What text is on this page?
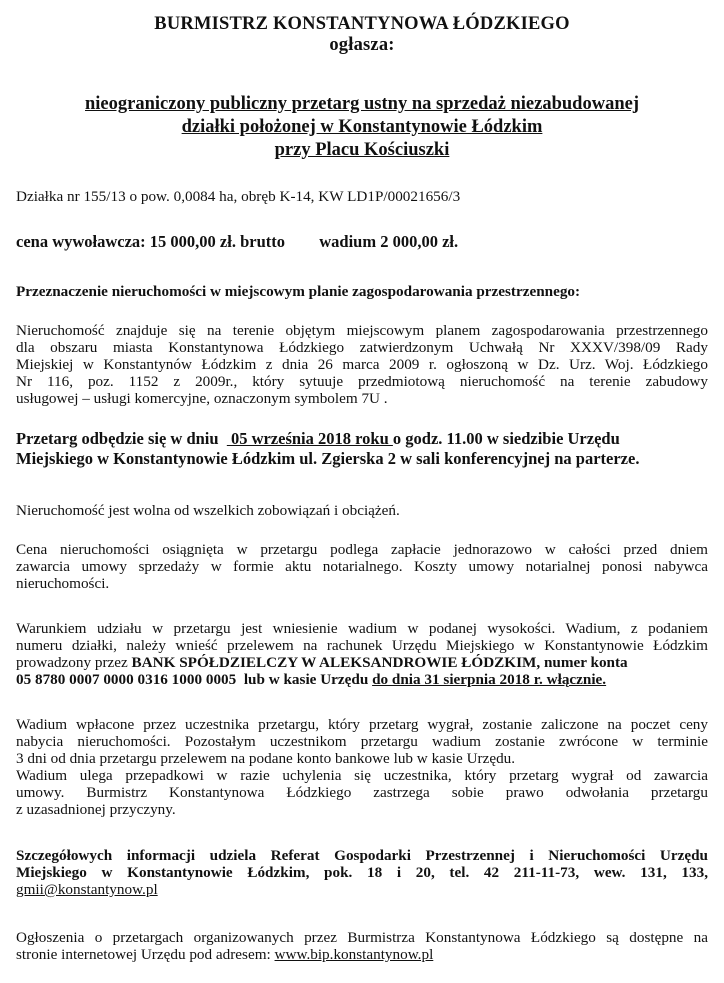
BURMISTRZ KONSTANTYNOWA ŁÓDZKIEGO
ogłasza:
nieograniczony publiczny przetarg ustny na sprzedaż niezabudowanej
działki położonej w Konstantynowie Łódzkim
przy Placu Kościuszki
Działka nr 155/13 o pow. 0,0084 ha, obręb K-14, KW LD1P/00021656/3
cena wywoławcza: 15 000,00 zł. brutto wadium 2 000,00 zł.
Przeznaczenie nieruchomości w miejscowym planie zagospodarowania przestrzennego:
Nieruchomość znajduje się na terenie objętym miejscowym planem zagospodarowania przestrzennego
dla obszaru miasta Konstantynowa Łódzkiego zatwierdzonym Uchwałą Nr XXXV/398/09 Rady
Miejskiej w Konstantynów Łódzkim z dnia 26 marca 2009 r. ogłoszoną w Dz. Urz. Woj. Łódzkiego
Nr 116, poz. 1152 z 2009r., który sytuuje przedmiotową nieruchomość na terenie zabudowy
usługowej – usługi komercyjne, oznaczonym symbolem 7U .
Przetarg odbędzie się w dniu   05 września 2018 roku o godz. 11.00 w siedzibie Urzędu
Miejskiego w Konstantynowie Łódzkim ul. Zgierska 2 w sali konferencyjnej na parterze.
Nieruchomość jest wolna od wszelkich zobowiązań i obciążeń.
Cena nieruchomości osiągnięta w przetargu podlega zapłacie jednorazowo w całości przed dniem
zawarcia umowy sprzedaży w formie aktu notarialnego. Koszty umowy notarialnej ponosi nabywca
nieruchomości.
Warunkiem udziału w przetargu jest wniesienie wadium w podanej wysokości. Wadium, z podaniem
numeru działki, należy wnieść przelewem na rachunek Urzędu Miejskiego w Konstantynowie Łódzkim
prowadzony przez BANK SPÓŁDZIELCZY W ALEKSANDROWIE ŁÓDZKIM, numer konta
05 8780 0007 0000 0316 1000 0005  lub w kasie Urzędu do dnia 31 sierpnia 2018 r. włącznie.
Wadium wpłacone przez uczestnika przetargu, który przetarg wygrał, zostanie zaliczone na poczet ceny
nabycia nieruchomości. Pozostałym uczestnikom przetargu wadium zostanie zwrócone w terminie
3 dni od dnia przetargu przelewem na podane konto bankowe lub w kasie Urzędu.
Wadium ulega przepadkowi w razie uchylenia się uczestnika, który przetarg wygrał od zawarcia
umowy. Burmistrz Konstantynowa Łódzkiego zastrzega sobie prawo odwołania przetargu
z uzasadnionej przyczyny.
Szczegółowych informacji udziela Referat Gospodarki Przestrzennej i Nieruchomości Urzędu
Miejskiego w Konstantynowie Łódzkim, pok. 18 i 20, tel. 42 211-11-73, wew. 131, 133,
gmii@konstantynow.pl
Ogłoszenia o przetargach organizowanych przez Burmistrza Konstantynowa Łódzkiego są dostępne na
stronie internetowej Urzędu pod adresem: www.bip.konstantynow.pl
